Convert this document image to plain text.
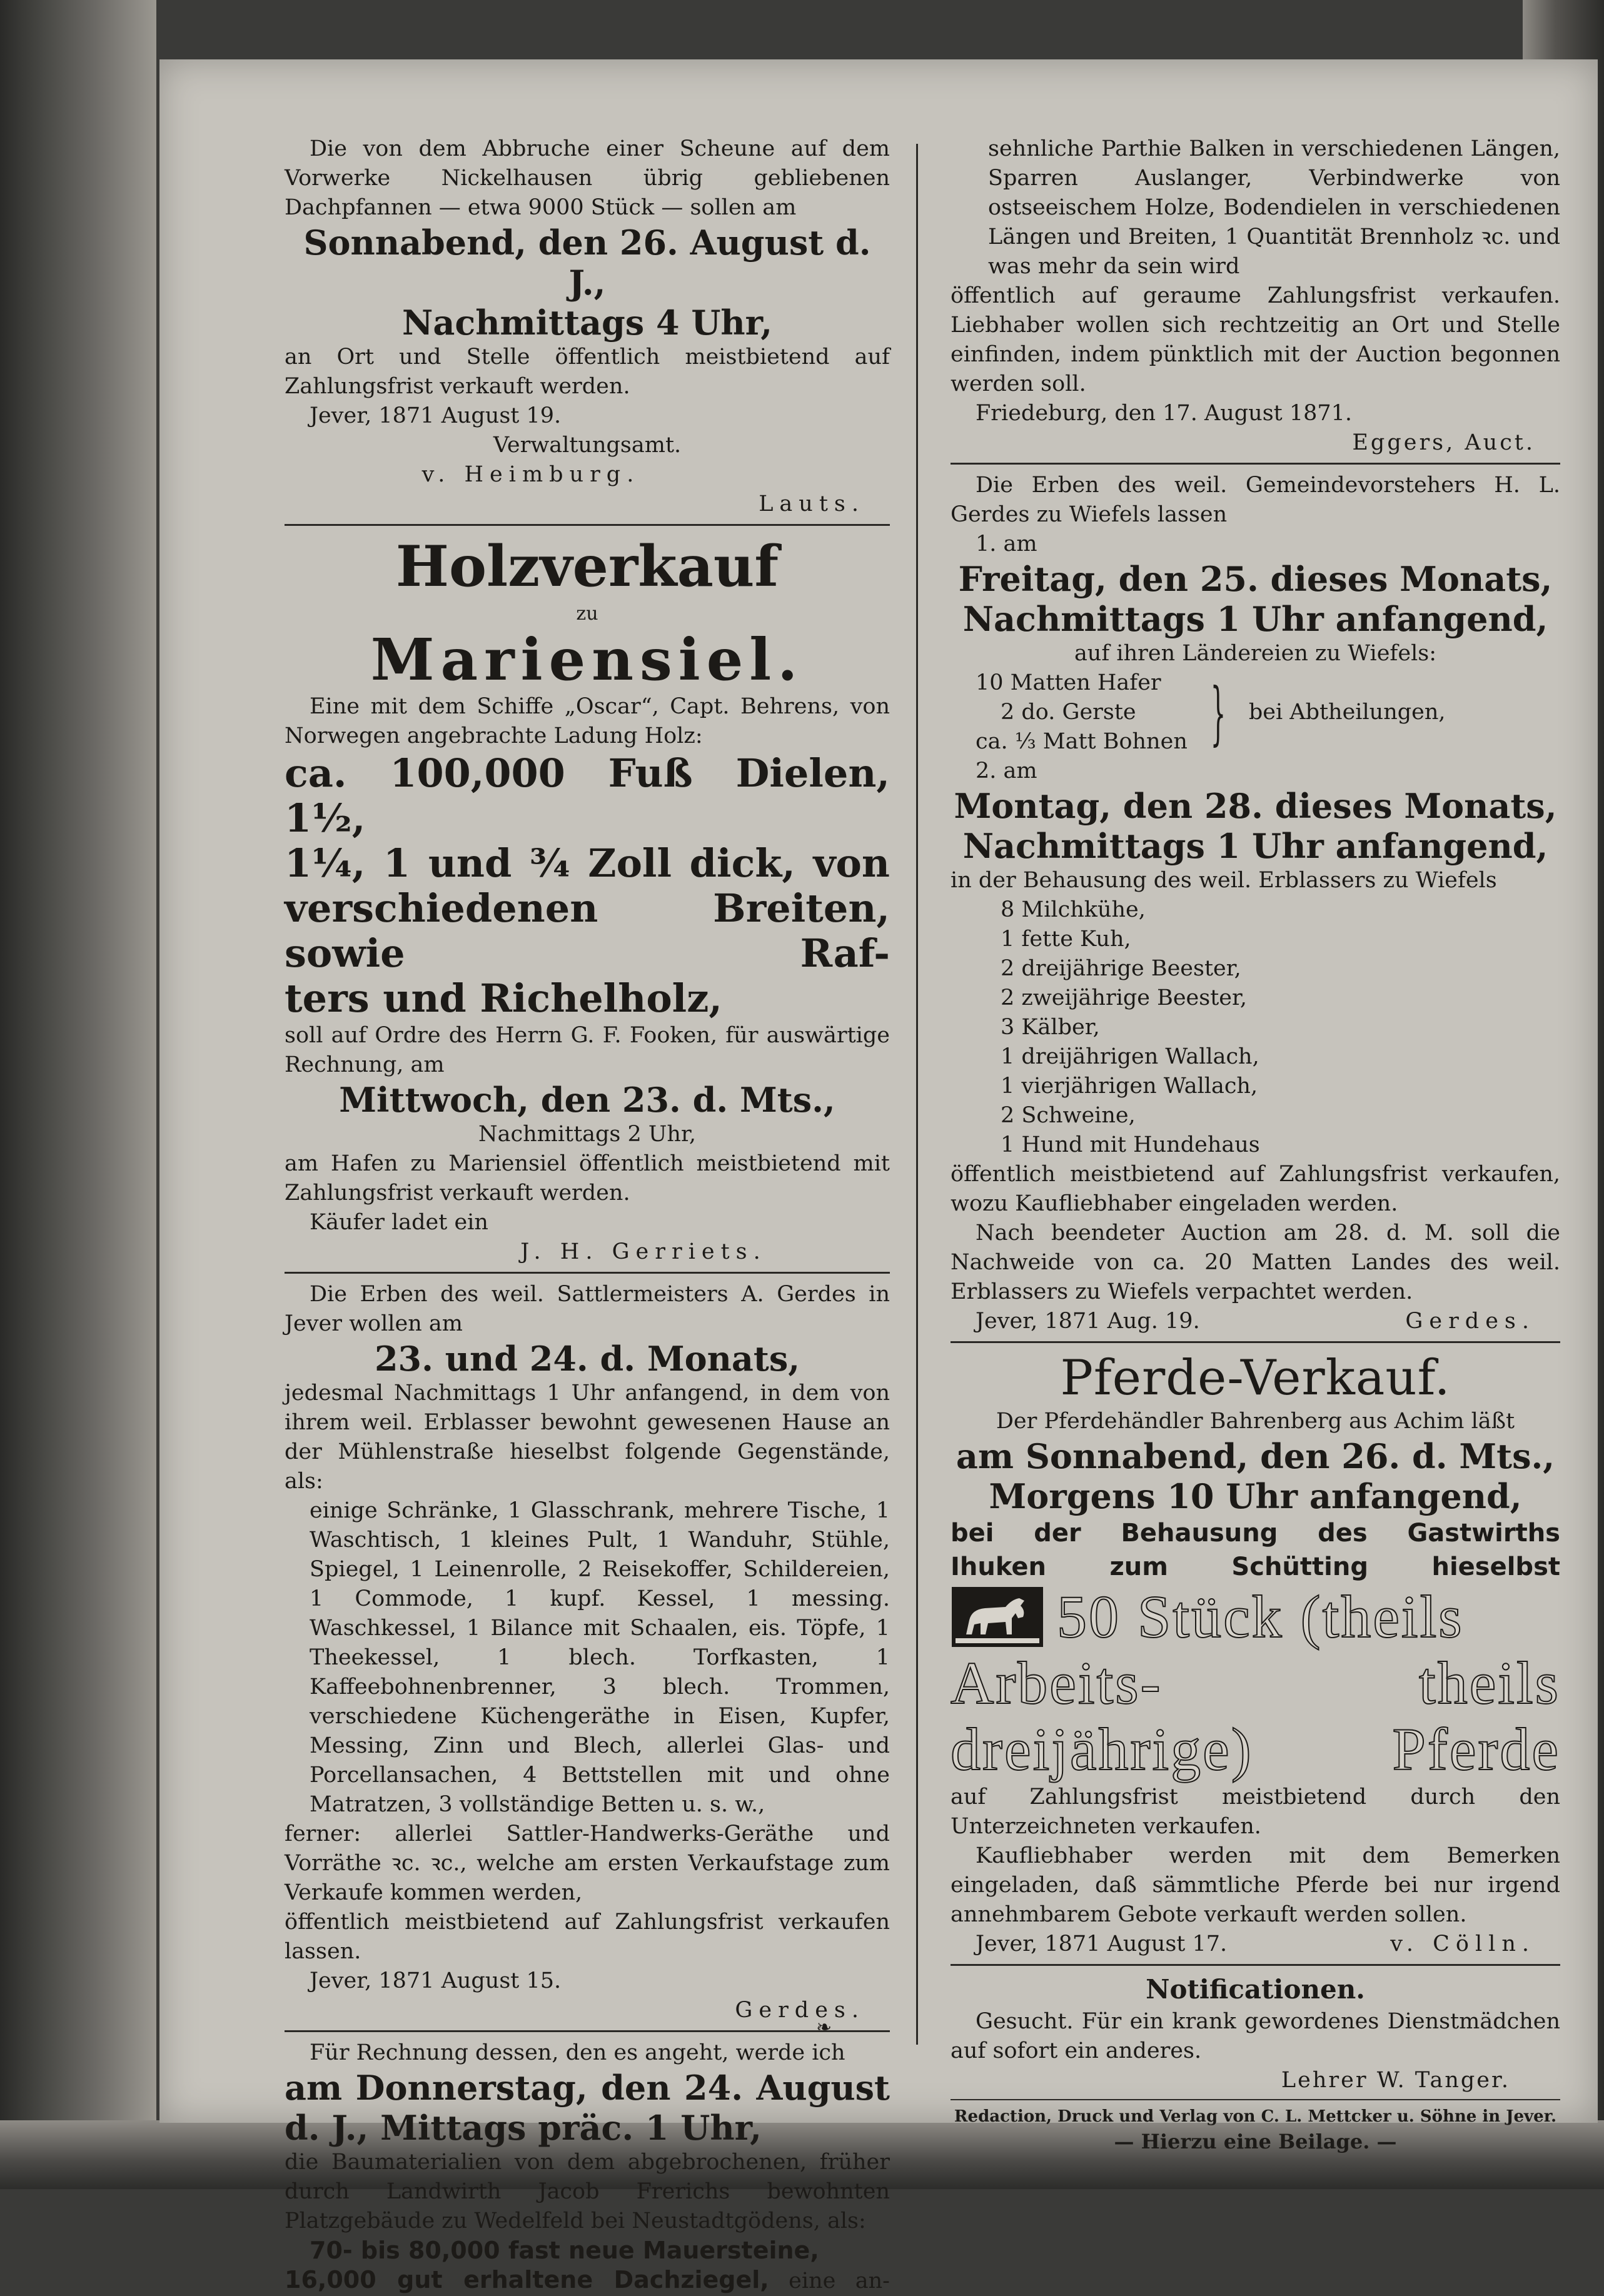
Die von dem Abbruche einer Scheune auf dem Vorwerke Nickelhausen übrig gebliebenen Dachpfannen — etwa 9000 Stück — sollen am

Sonnabend, den 26. August d. J.,

Nachmittags 4 Uhr,

an Ort und Stelle öffentlich meistbietend auf Zahlungsfrist verkauft werden.

Jever, 1871 August 19.

Verwaltungsamt.

v. Heimburg.

Lauts.

Holzverkauf

zu

Mariensiel.

Eine mit dem Schiffe „Oscar“, Capt. Behrens, von Norwegen angebrachte Ladung Holz:

ca. 100,000 Fuß Dielen, 1½,

1¼, 1 und ¾ Zoll dick, von

verschiedenen Breiten, sowie Raf-

ters und Richelholz,

soll auf Ordre des Herrn G. F. Fooken, für auswärtige Rechnung, am

Mittwoch, den 23. d. Mts.,

Nachmittags 2 Uhr,

am Hafen zu Mariensiel öffentlich meistbietend mit Zahlungsfrist verkauft werden.

Käufer ladet ein

J. H. Gerriets.

Die Erben des weil. Sattlermeisters A. Gerdes in Jever wollen am

23. und 24. d. Monats,

jedesmal Nachmittags 1 Uhr anfangend, in dem von ihrem weil. Erblasser bewohnt gewesenen Hause an der Mühlenstraße hieselbst folgende Gegenstände, als:

einige Schränke, 1 Glasschrank, mehrere Tische, 1 Waschtisch, 1 kleines Pult, 1 Wanduhr, Stühle, Spiegel, 1 Leinenrolle, 2 Reisekoffer, Schildereien, 1 Commode, 1 kupf. Kessel, 1 messing. Waschkessel, 1 Bilance mit Schaalen, eis. Töpfe, 1 Theekessel, 1 blech. Torfkasten, 1 Kaffeebohnenbrenner, 3 blech. Trommen, verschiedene Küchengeräthe in Eisen, Kupfer, Messing, Zinn und Blech, allerlei Glas- und Porcellansachen, 4 Bettstellen mit und ohne Matratzen, 3 vollständige Betten u. s. w.,

ferner: allerlei Sattler-Handwerks-Geräthe und Vorräthe ꝛc. ꝛc., welche am ersten Verkaufstage zum Verkaufe kommen werden,

öffentlich meistbietend auf Zahlungsfrist verkaufen lassen.

Jever, 1871 August 15.

Gerdes.

Für Rechnung dessen, den es angeht, werde ich

am Donnerstag, den 24. August

d. J., Mittags präc. 1 Uhr,

die Baumaterialien von dem abgebrochenen, früher durch Landwirth Jacob Frerichs bewohnten Platzgebäude zu Wedelfeld bei Neustadtgödens, als:

70- bis 80,000 fast neue Mauersteine,

16,000 gut erhaltene Dachziegel, eine an-

sehnliche Parthie Balken in verschiedenen Längen, Sparren Auslanger, Verbindwerke von ostseeischem Holze, Bodendielen in verschiedenen Längen und Breiten, 1 Quantität Brennholz ꝛc. und was mehr da sein wird

öffentlich auf geraume Zahlungsfrist verkaufen. Liebhaber wollen sich rechtzeitig an Ort und Stelle einfinden, indem pünktlich mit der Auction begonnen werden soll.

Friedeburg, den 17. August 1871.

Eggers, Auct.

Die Erben des weil. Gemeindevorstehers H. L. Gerdes zu Wiefels lassen

1. am

Freitag, den 25. dieses Monats,

Nachmittags 1 Uhr anfangend,

auf ihren Ländereien zu Wiefels:

10 Matten Hafer

2 do. Gerste

ca. ⅓ Matt Bohnen } bei Abtheilungen,

2. am

Montag, den 28. dieses Monats,

Nachmittags 1 Uhr anfangend,

in der Behausung des weil. Erblassers zu Wiefels

8 Milchkühe,

1 fette Kuh,

2 dreijährige Beester,

2 zweijährige Beester,

3 Kälber,

1 dreijährigen Wallach,

1 vierjährigen Wallach,

2 Schweine,

1 Hund mit Hundehaus

öffentlich meistbietend auf Zahlungsfrist verkaufen, wozu Kaufliebhaber eingeladen werden.

Nach beendeter Auction am 28. d. M. soll die Nachweide von ca. 20 Matten Landes des weil. Erblassers zu Wiefels verpachtet werden.

Jever, 1871 Aug. 19.	Gerdes.

Pferde-Verkauf.

Der Pferdehändler Bahrenberg aus Achim läßt

am Sonnabend, den 26. d. Mts.,

Morgens 10 Uhr anfangend,

bei der Behausung des Gastwirths

Ihuken zum Schütting hieselbst

50 Stück (theils

Arbeits- theils

dreijährige) Pferde

auf Zahlungsfrist meistbietend durch den Unterzeichneten verkaufen.

Kaufliebhaber werden mit dem Bemerken eingeladen, daß sämmtliche Pferde bei nur irgend annehmbarem Gebote verkauft werden sollen.

Jever, 1871 August 17.	v. Cölln.

Notificationen.

Gesucht. Für ein krank gewordenes Dienstmädchen auf sofort ein anderes.

Lehrer W. Tanger.

Redaction, Druck und Verlag von C. L. Mettcker u. Söhne in Jever.

— Hierzu eine Beilage. —

❧
